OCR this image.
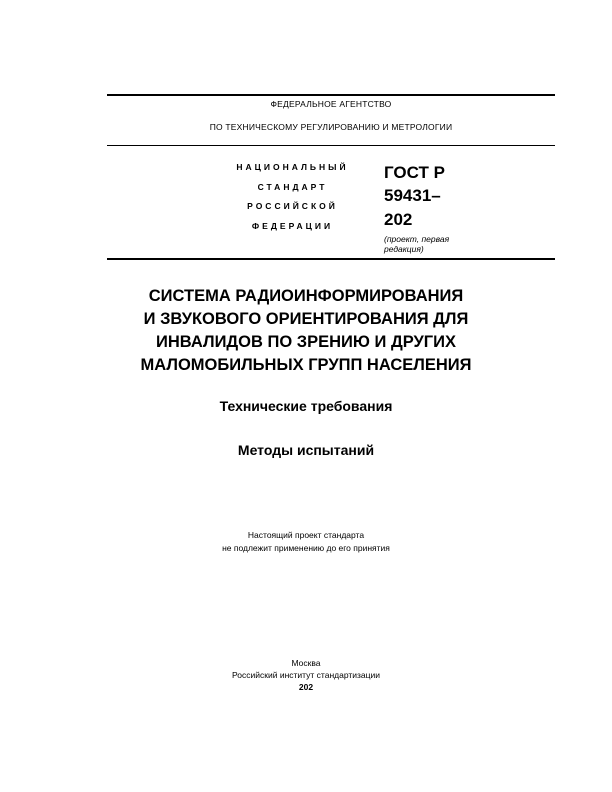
ФЕДЕРАЛЬНОЕ АГЕНТСТВО
ПО ТЕХНИЧЕСКОМУ РЕГУЛИРОВАНИЮ И МЕТРОЛОГИИ
НАЦИОНАЛЬНЫЙ
СТАНДАРТ
РОССИЙСКОЙ
ФЕДЕРАЦИИ
ГОСТ Р
59431–
202
(проект, первая
редакция)
СИСТЕМА РАДИОИНФОРМИРОВАНИЯ
И ЗВУКОВОГО ОРИЕНТИРОВАНИЯ ДЛЯ
ИНВАЛИДОВ ПО ЗРЕНИЮ И ДРУГИХ
МАЛОМОБИЛЬНЫХ ГРУПП НАСЕЛЕНИЯ
Технические требования
Методы испытаний
Настоящий проект стандарта
не подлежит применению до его принятия
Москва
Российский институт стандартизации
202
